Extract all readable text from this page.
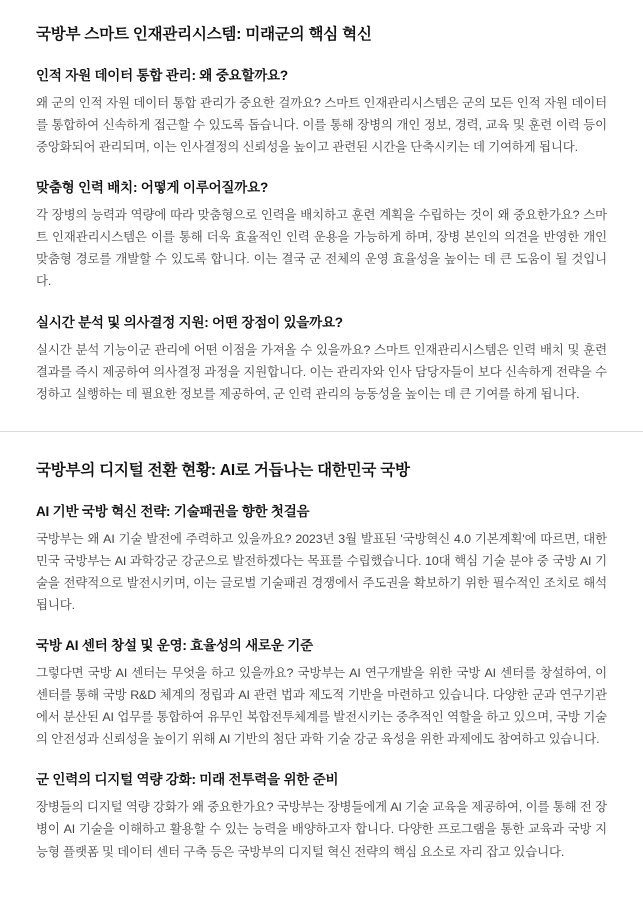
국방부 스마트 인재관리시스템: 미래군의 핵심 혁신
인적 자원 데이터 통합 관리: 왜 중요할까요?

왜 군의 인적 자원 데이터 통합 관리가 중요한 걸까요? 스마트 인재관리시스템은 군의 모든 인적 자원 데이터를 통합하여 신속하게 접근할 수 있도록 돕습니다. 이를 통해 장병의 개인 정보, 경력, 교육 및 훈련 이력 등이 중앙화되어 관리되며, 이는 인사결정의 신뢰성을 높이고 관련된 시간을 단축시키는 데 기여하게 됩니다.

맞춤형 인력 배치: 어떻게 이루어질까요?

각 장병의 능력과 역량에 따라 맞춤형으로 인력을 배치하고 훈련 계획을 수립하는 것이 왜 중요한가요? 스마트 인재관리시스템은 이를 통해 더욱 효율적인 인력 운용을 가능하게 하며, 장병 본인의 의견을 반영한 개인 맞춤형 경로를 개발할 수 있도록 합니다. 이는 결국 군 전체의 운영 효율성을 높이는 데 큰 도움이 될 것입니다.

실시간 분석 및 의사결정 지원: 어떤 장점이 있을까요?

실시간 분석 기능이군 관리에 어떤 이점을 가져올 수 있을까요? 스마트 인재관리시스템은 인력 배치 및 훈련 결과를 즉시 제공하여 의사결정 과정을 지원합니다. 이는 관리자와 인사 담당자들이 보다 신속하게 전략을 수정하고 실행하는 데 필요한 정보를 제공하여, 군 인력 관리의 능동성을 높이는 데 큰 기여를 하게 됩니다.

국방부의 디지털 전환 현황: AI로 거듭나는 대한민국 국방
AI 기반 국방 혁신 전략: 기술패권을 향한 첫걸음

국방부는 왜 AI 기술 발전에 주력하고 있을까요? 2023년 3월 발표된 '국방혁신 4.0 기본계획'에 따르면, 대한민국 국방부는 AI 과학강군 강군으로 발전하겠다는 목표를 수립했습니다. 10대 핵심 기술 분야 중 국방 AI 기술을 전략적으로 발전시키며, 이는 글로벌 기술패권 경쟁에서 주도권을 확보하기 위한 필수적인 조치로 해석됩니다.

국방 AI 센터 창설 및 운영: 효율성의 새로운 기준

그렇다면 국방 AI 센터는 무엇을 하고 있을까요? 국방부는 AI 연구개발을 위한 국방 AI 센터를 창설하여, 이 센터를 통해 국방 R&D 체계의 정립과 AI 관련 법과 제도적 기반을 마련하고 있습니다. 다양한 군과 연구기관에서 분산된 AI 업무를 통합하여 유무인 복합전투체계를 발전시키는 중추적인 역할을 하고 있으며, 국방 기술의 안전성과 신뢰성을 높이기 위해 AI 기반의 첨단 과학 기술 강군 육성을 위한 과제에도 참여하고 있습니다.

군 인력의 디지털 역량 강화: 미래 전투력을 위한 준비

장병들의 디지털 역량 강화가 왜 중요한가요? 국방부는 장병들에게 AI 기술 교육을 제공하여, 이를 통해 전 장병이 AI 기술을 이해하고 활용할 수 있는 능력을 배양하고자 합니다. 다양한 프로그램을 통한 교육과 국방 지능형 플랫폼 및 데이터 센터 구축 등은 국방부의 디지털 혁신 전략의 핵심 요소로 자리 잡고 있습니다.
